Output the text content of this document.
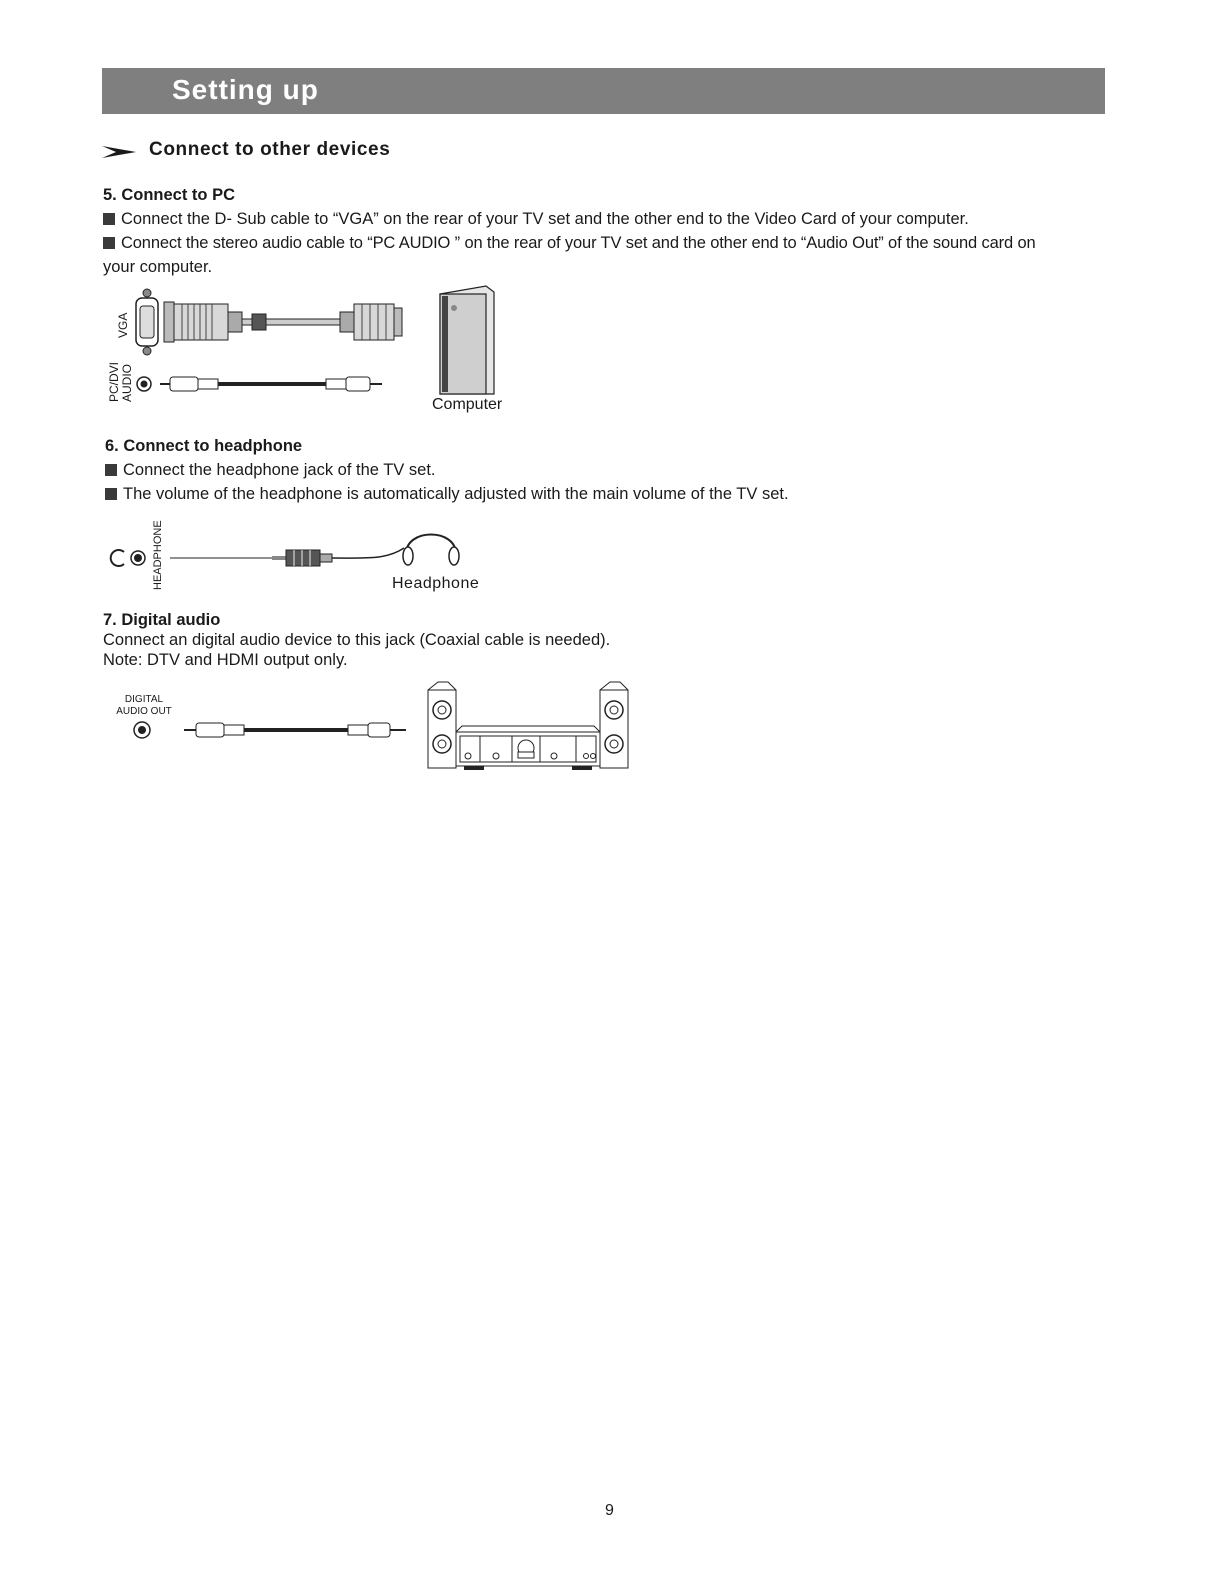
Setting up
Connect to other devices
5. Connect to PC
Connect the D- Sub cable to “VGA” on the rear of your TV set and the other end to the Video Card of your computer.
Connect the stereo audio cable to “PC AUDIO ” on the rear of your TV set and the other end to “Audio Out” of the sound card on
your computer.
VGA
PC/DVI
AUDIO
Computer
6. Connect to headphone
Connect the headphone jack of the TV set.
The volume of the headphone is automatically adjusted with the main volume of the TV set.
HEADPHONE	Headphone
7. Digital audio
Connect an digital audio device to this jack (Coaxial cable is needed).
Note: DTV and HDMI output only.
DIGITAL
AUDIO OUT
9
